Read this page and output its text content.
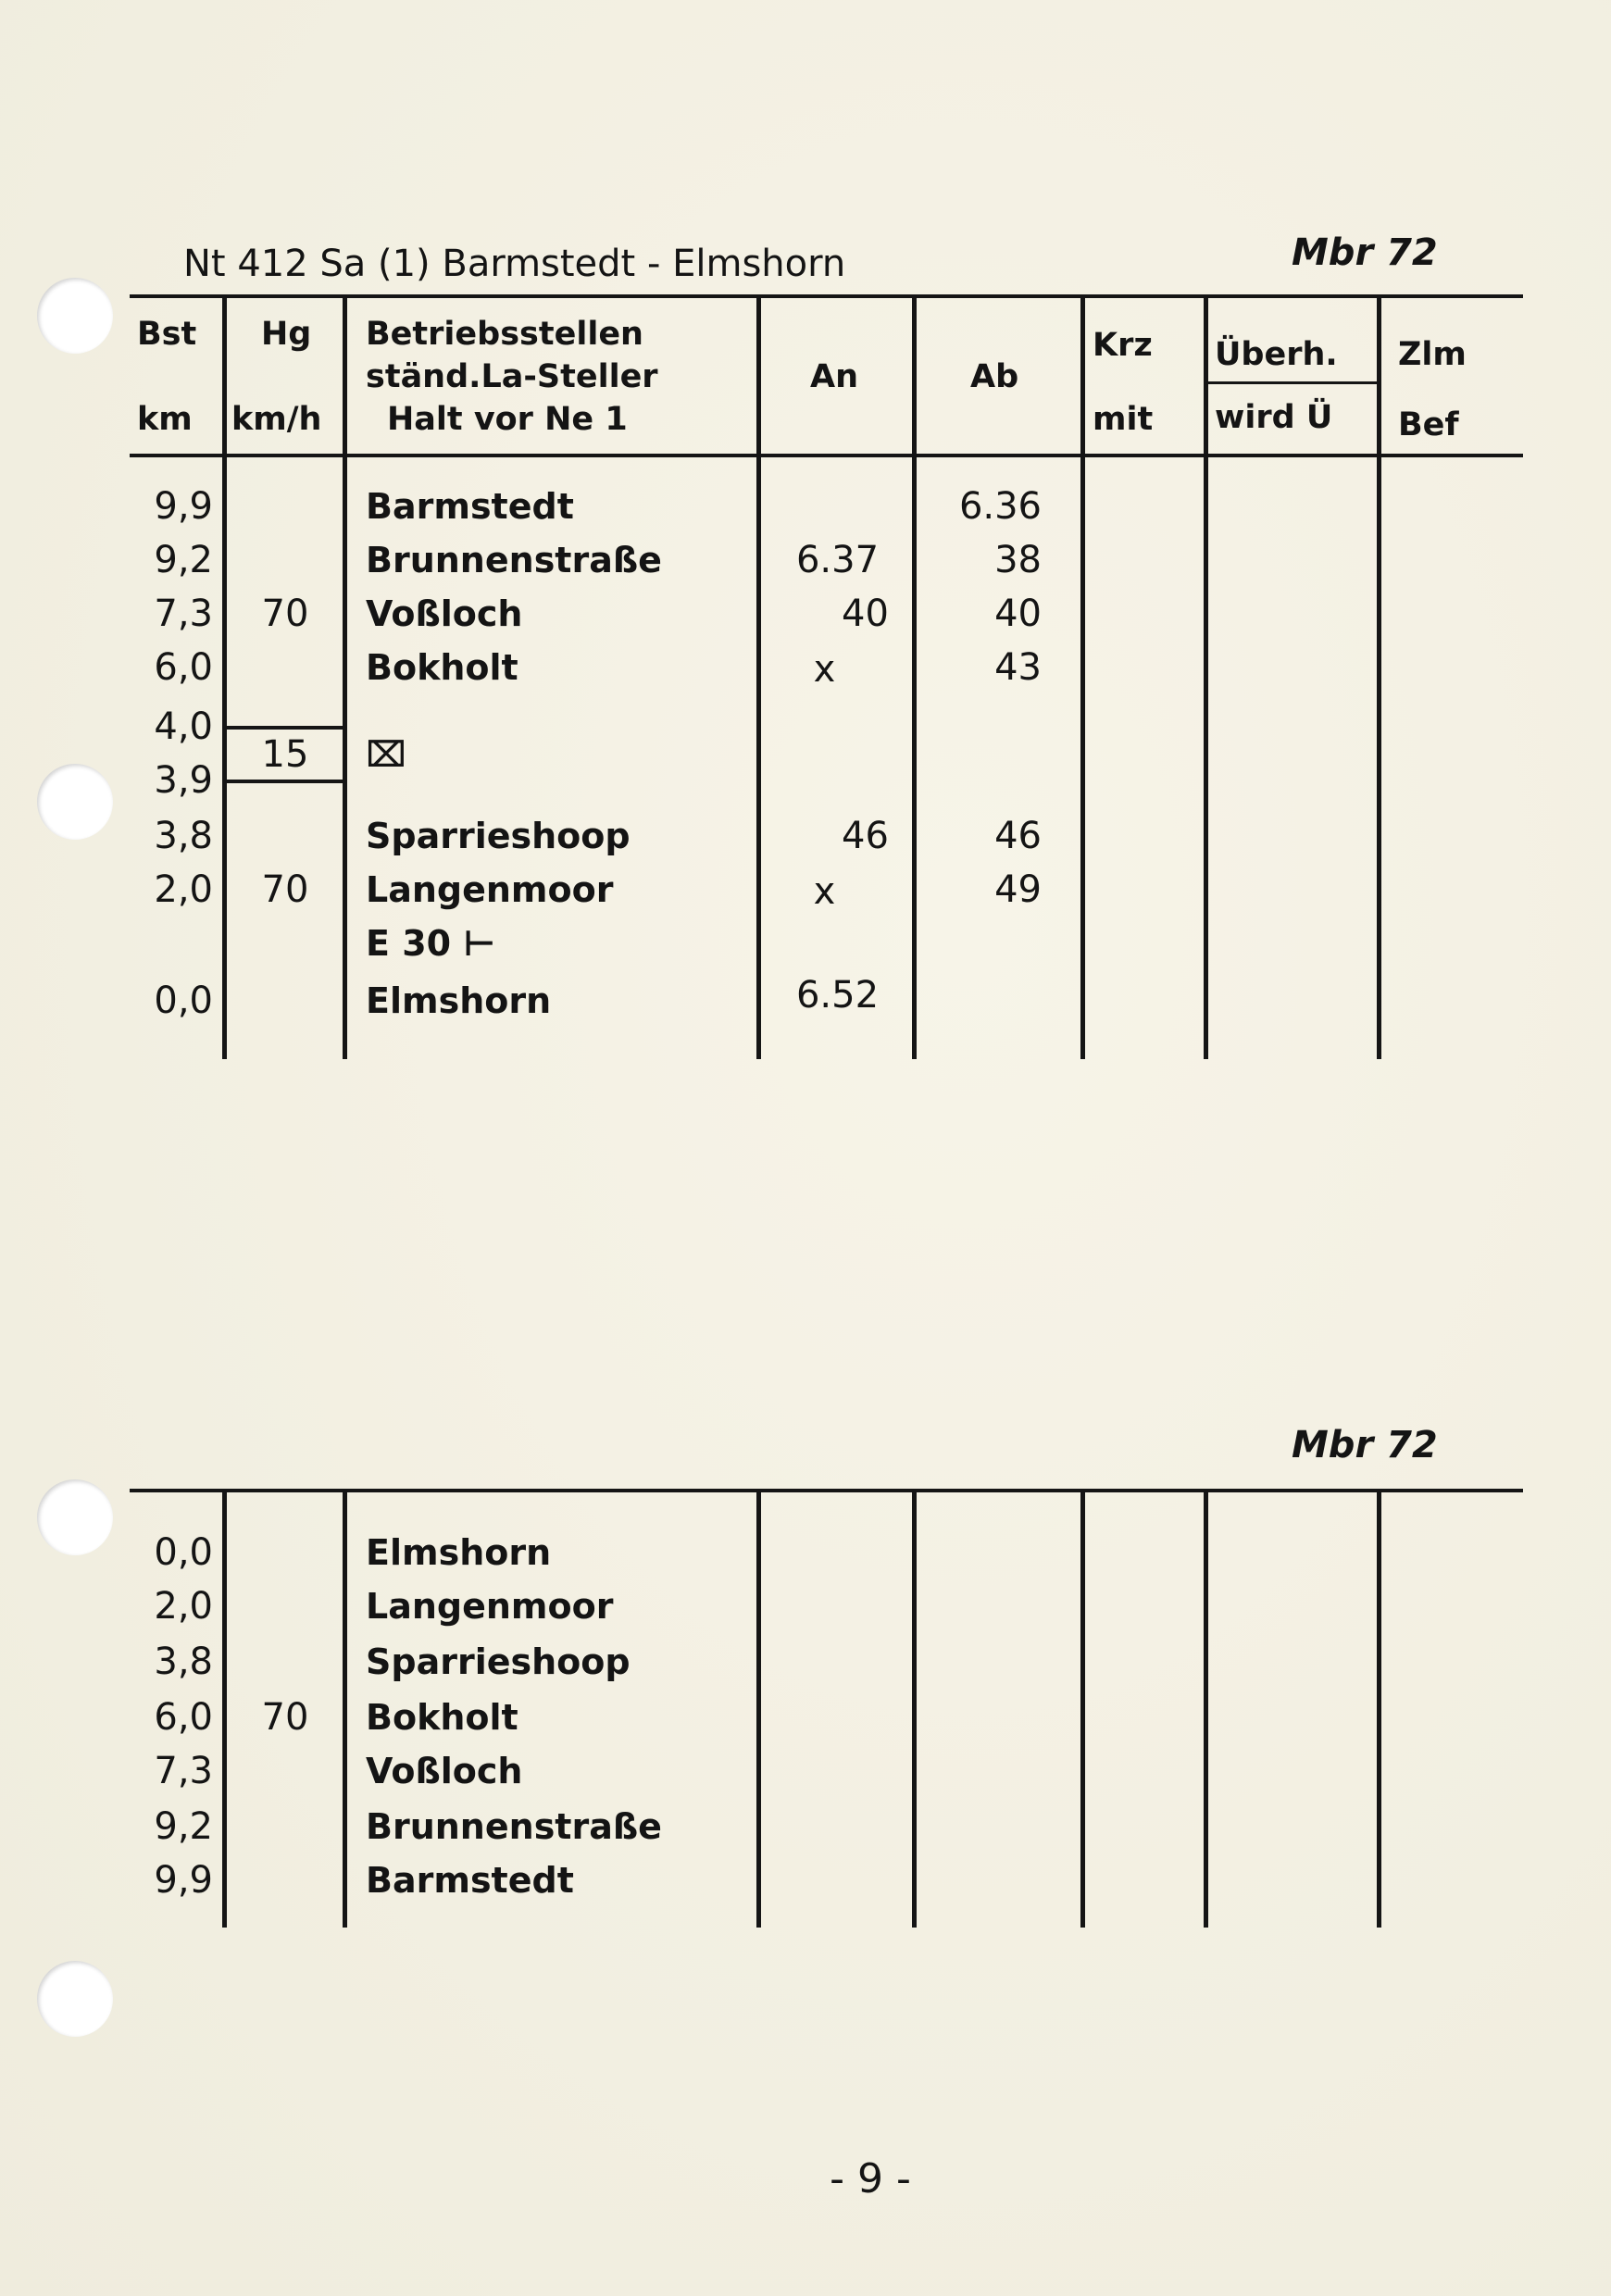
Nt 412 Sa (1) Barmstedt - Elmshorn	Mbr 72
Bst
km
Hg
km/h
Betriebsstellen
ständ.La-Steller
Halt vor Ne 1
An	Ab
Krz
mit
Überh.
wird Ü
Zlm
Bef
9,9
9,2
7,3
6,0
4,0
3,9
3,8
2,0
0,0
70
15
70
Barmstedt
Brunnenstraße
Voßloch
Bokholt
⌧
Sparrieshoop
Langenmoor
E 30 ⊢
Elmshorn
6.37
40
x
46
x
6.52
6.36
38
40
43
46
49
Mbr 72
0,0
2,0
3,8
6,0
7,3
9,2
9,9
70
Elmshorn
Langenmoor
Sparrieshoop
Bokholt
Voßloch
Brunnenstraße
Barmstedt
- 9 -
